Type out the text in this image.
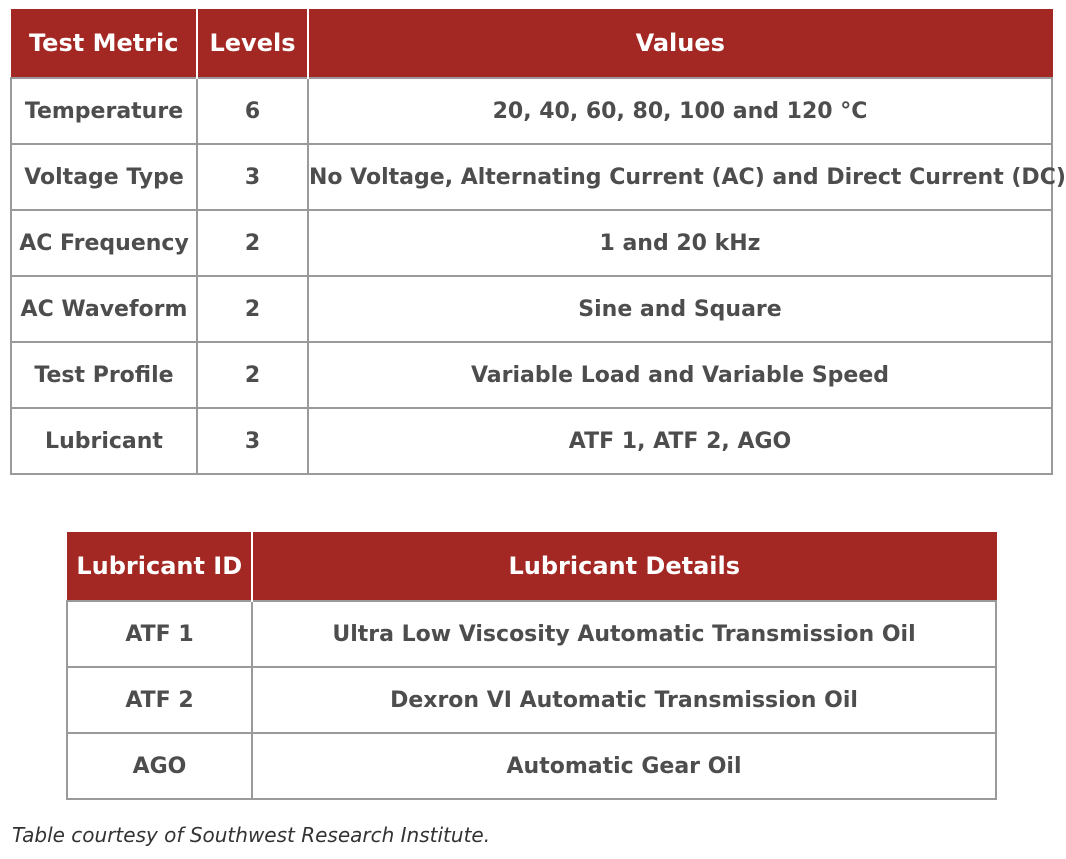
Test Metric	Levels	Values
Temperature	6	20, 40, 60, 80, 100 and 120 °C
Voltage Type	3	No Voltage, Alternating Current (AC) and Direct Current (DC)
AC Frequency	2	1 and 20 kHz
AC Waveform	2	Sine and Square
Test Profile	2	Variable Load and Variable Speed
Lubricant	3	ATF 1, ATF 2, AGO
Lubricant ID	Lubricant Details
ATF 1	Ultra Low Viscosity Automatic Transmission Oil
ATF 2	Dexron VI Automatic Transmission Oil
AGO	Automatic Gear Oil
Table courtesy of Southwest Research Institute.
